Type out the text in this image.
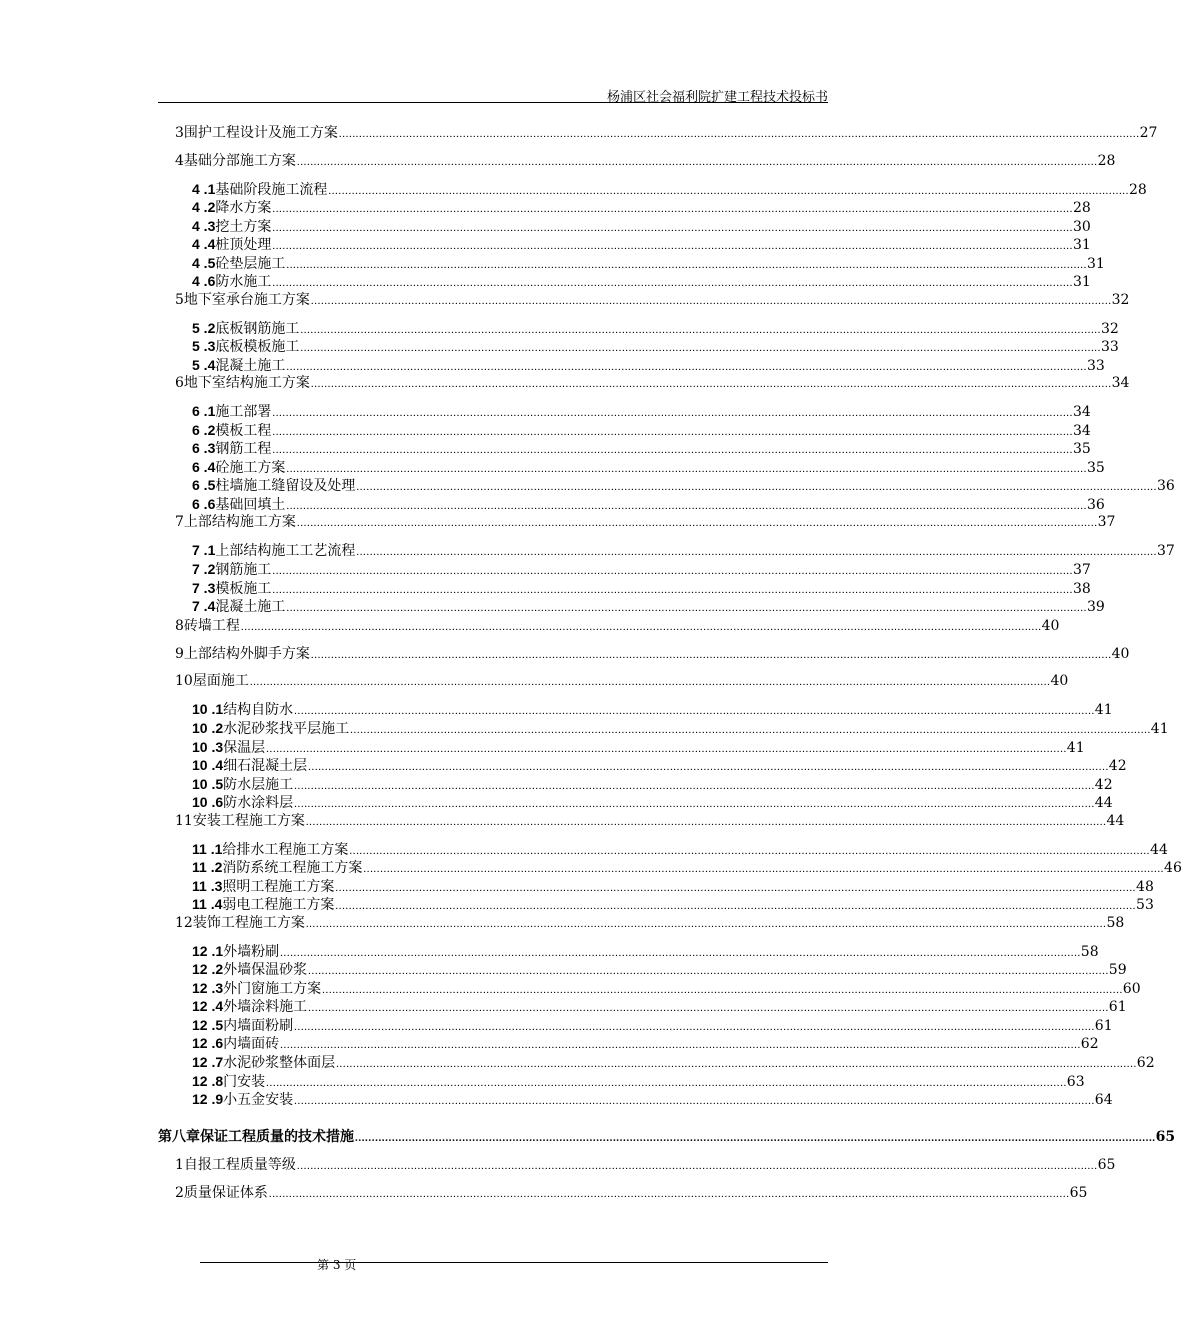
杨浦区社会福利院扩建工程技术投标书
3 围护工程设计及施工方案 ............................................................................................................................................................................................................................................... 27
4 基础分部施工方案 ............................................................................................................................................................................................................................................... 28
4 .1 基础阶段施工流程 ............................................................................................................................................................................................................................................... 28
4 .2 降水方案 ............................................................................................................................................................................................................................................... 28
4 .3 挖土方案 ............................................................................................................................................................................................................................................... 30
4 .4 桩顶处理 ............................................................................................................................................................................................................................................... 31
4 .5 砼垫层施工 ............................................................................................................................................................................................................................................... 31
4 .6 防水施工 ............................................................................................................................................................................................................................................... 31
5 地下室承台施工方案 ............................................................................................................................................................................................................................................... 32
5 .2 底板钢筋施工 ............................................................................................................................................................................................................................................... 32
5 .3 底板模板施工 ............................................................................................................................................................................................................................................... 33
5 .4 混凝土施工 ............................................................................................................................................................................................................................................... 33
6 地下室结构施工方案 ............................................................................................................................................................................................................................................... 34
6 .1 施工部署 ............................................................................................................................................................................................................................................... 34
6 .2 模板工程 ............................................................................................................................................................................................................................................... 34
6 .3 钢筋工程 ............................................................................................................................................................................................................................................... 35
6 .4 砼施工方案 ............................................................................................................................................................................................................................................... 35
6 .5 柱墙施工缝留设及处理 ............................................................................................................................................................................................................................................... 36
6 .6 基础回填土 ............................................................................................................................................................................................................................................... 36
7 上部结构施工方案 ............................................................................................................................................................................................................................................... 37
7 .1 上部结构施工工艺流程 ............................................................................................................................................................................................................................................... 37
7 .2 钢筋施工 ............................................................................................................................................................................................................................................... 37
7 .3 模板施工 ............................................................................................................................................................................................................................................... 38
7 .4 混凝土施工 ............................................................................................................................................................................................................................................... 39
8 砖墙工程 ............................................................................................................................................................................................................................................... 40
9 上部结构外脚手方案 ............................................................................................................................................................................................................................................... 40
10 屋面施工 ............................................................................................................................................................................................................................................... 40
10 .1 结构自防水 ............................................................................................................................................................................................................................................... 41
10 .2 水泥砂浆找平层施工 ............................................................................................................................................................................................................................................... 41
10 .3 保温层 ............................................................................................................................................................................................................................................... 41
10 .4 细石混凝土层 ............................................................................................................................................................................................................................................... 42
10 .5 防水层施工 ............................................................................................................................................................................................................................................... 42
10 .6 防水涂料层 ............................................................................................................................................................................................................................................... 44
11 安装工程施工方案 ............................................................................................................................................................................................................................................... 44
11 .1 给排水工程施工方案 ............................................................................................................................................................................................................................................... 44
11 .2 消防系统工程施工方案 ............................................................................................................................................................................................................................................... 46
11 .3 照明工程施工方案 ............................................................................................................................................................................................................................................... 48
11 .4 弱电工程施工方案 ............................................................................................................................................................................................................................................... 53
12 装饰工程施工方案 ............................................................................................................................................................................................................................................... 58
12 .1 外墙粉刷 ............................................................................................................................................................................................................................................... 58
12 .2 外墙保温砂浆 ............................................................................................................................................................................................................................................... 59
12 .3 外门窗施工方案 ............................................................................................................................................................................................................................................... 60
12 .4 外墙涂料施工 ............................................................................................................................................................................................................................................... 61
12 .5 内墙面粉刷 ............................................................................................................................................................................................................................................... 61
12 .6 内墙面砖 ............................................................................................................................................................................................................................................... 62
12 .7 水泥砂浆整体面层 ............................................................................................................................................................................................................................................... 62
12 .8 门安装 ............................................................................................................................................................................................................................................... 63
12 .9 小五金安装 ............................................................................................................................................................................................................................................... 64
第八章 保证工程质量的技术措施 ............................................................................................................................................................................................................................................... 65
1 自报工程质量等级 ............................................................................................................................................................................................................................................... 65
2 质量保证体系 ............................................................................................................................................................................................................................................... 65
第 3 页
